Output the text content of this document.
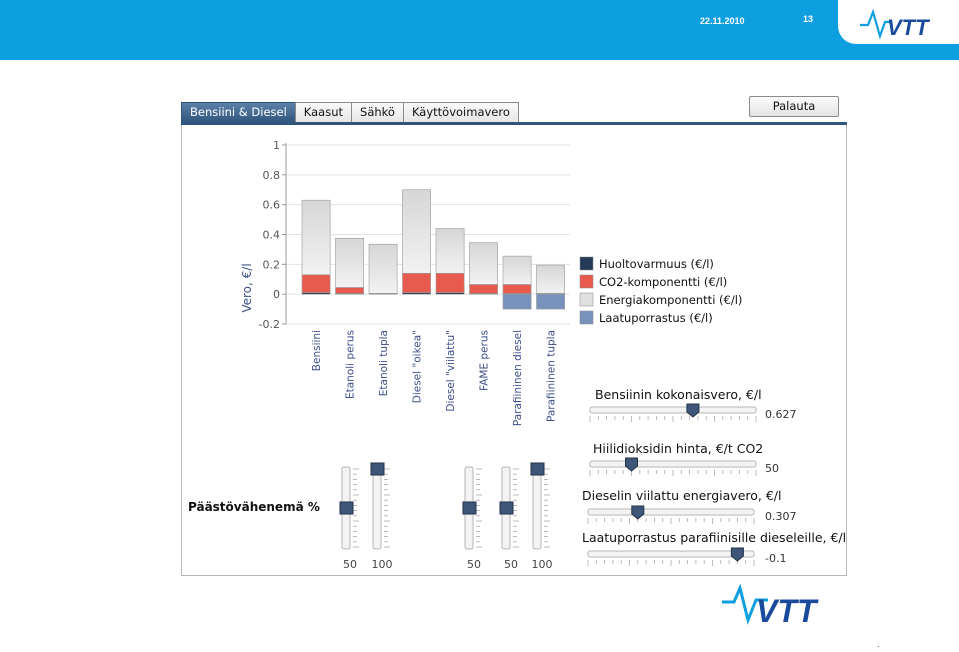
VTT
22.11.2010	13
Bensiini & Diesel	Kaasut	Sähkö	Käyttövoimavero	Palauta
1
0.8
0.6
0.4
0.2
0
-0.2
Vero, €/l
Bensiini Etanoli perus Etanoli tupla Diesel "oikea" Diesel "viilattu" FAME perus Parafiininen diesel Parafiininen tupla
Huoltovarmuus (€/l)
CO2-komponentti (€/l)
Energiakomponentti (€/l)
Laatuporrastus (€/l)
Päästövähenemä %
50	100	50	50	100
Bensiinin kokonaisvero, €/l
0.627
Hiilidioksidin hinta, €/t CO2
50
Dieselin viilattu energiavero, €/l
0.307
Laatuporrastus parafiinisille dieseleille, €/l
-0.1
VTT
.
